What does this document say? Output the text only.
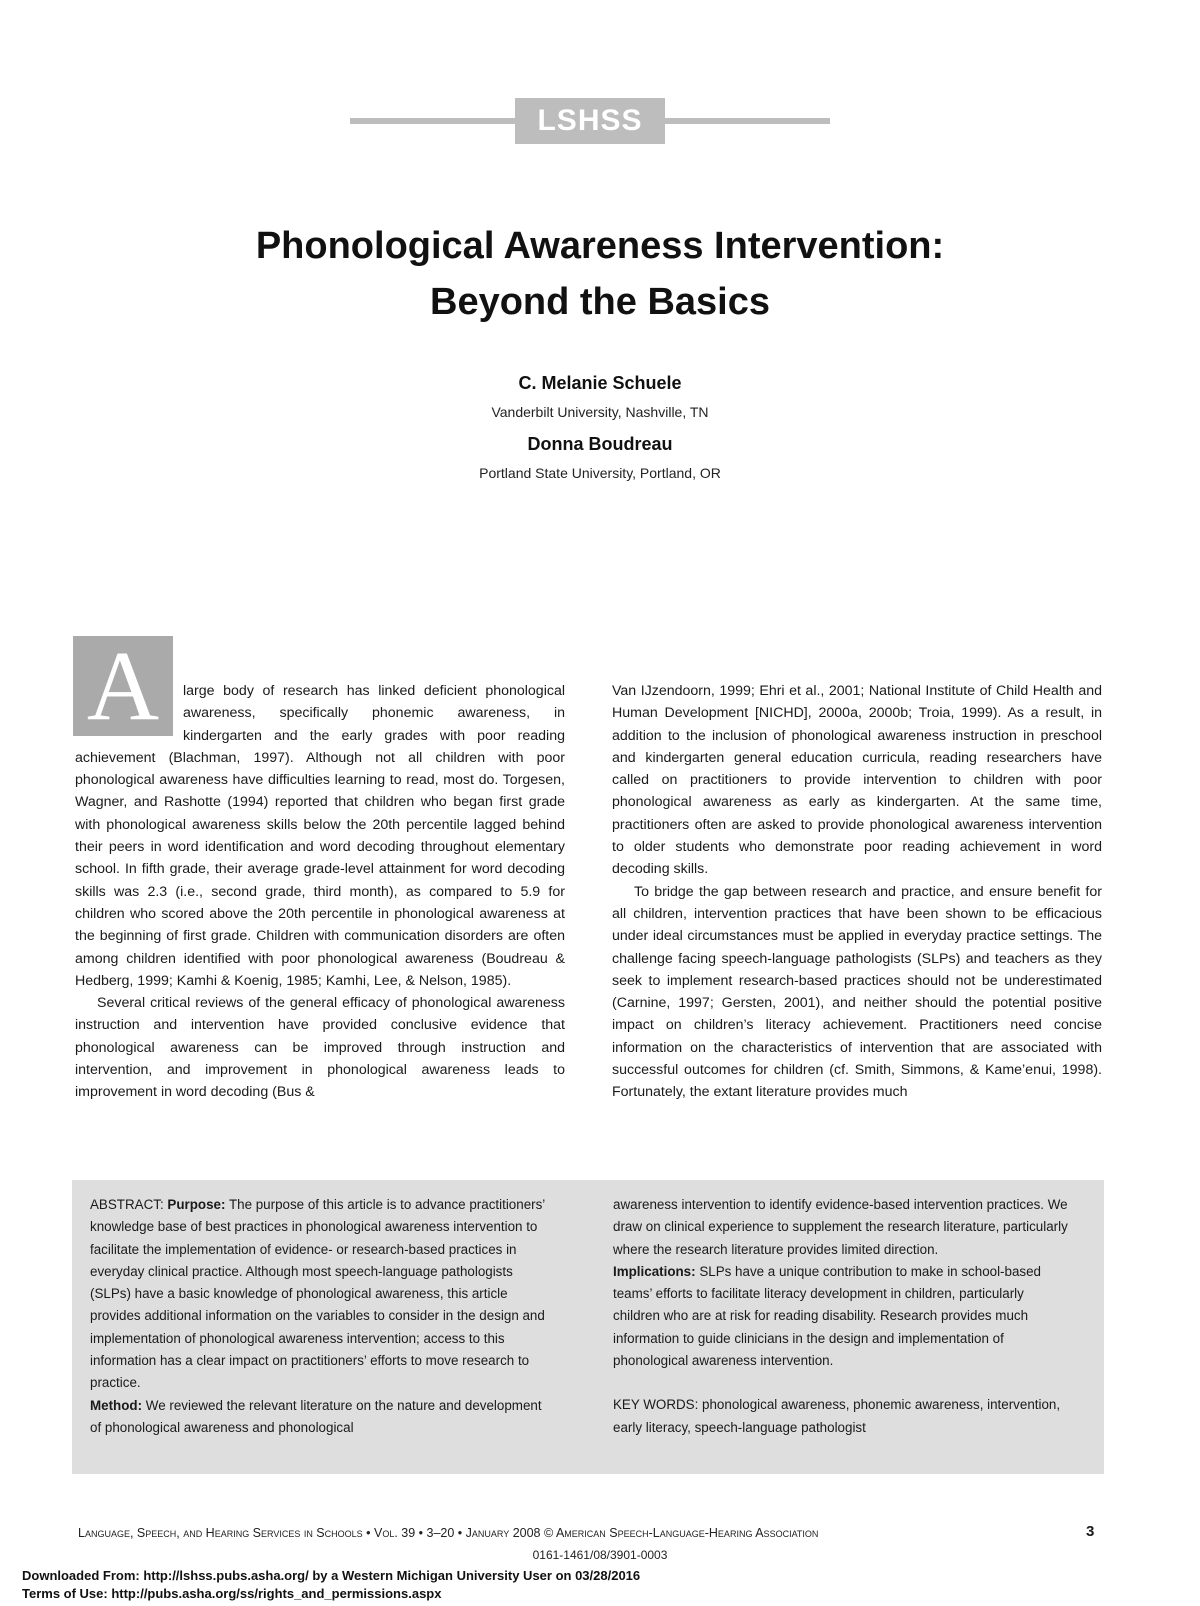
LSHSS
Phonological Awareness Intervention:
Beyond the Basics
C. Melanie Schuele
Vanderbilt University, Nashville, TN
Donna Boudreau
Portland State University, Portland, OR

A	large body of research has linked deficient phonological awareness, specifically phonemic awareness, in kindergarten and the early grades with poor reading achievement (Blachman, 1997). Although not all children with poor phonological awareness have difficulties learning to read, most do. Torgesen, Wagner, and Rashotte (1994) reported that children who began first grade with phonological awareness skills below the 20th percentile lagged behind their peers in word identification and word decoding throughout elementary school. In fifth grade, their average grade-level attainment for word decoding skills was 2.3 (i.e., second grade, third month), as compared to 5.9 for children who scored above the 20th percentile in phonological awareness at the beginning of first grade. Children with communication disorders are often among children identified with poor phonological awareness (Boudreau & Hedberg, 1999; Kamhi & Koenig, 1985; Kamhi, Lee, & Nelson, 1985).

Several critical reviews of the general efficacy of phonological awareness instruction and intervention have provided conclusive evidence that phonological awareness can be improved through instruction and intervention, and improvement in phonological awareness leads to improvement in word decoding (Bus &

Van IJzendoorn, 1999; Ehri et al., 2001; National Institute of Child Health and Human Development [NICHD], 2000a, 2000b; Troia, 1999). As a result, in addition to the inclusion of phonological awareness instruction in preschool and kindergarten general education curricula, reading researchers have called on practitioners to provide intervention to children with poor phonological awareness as early as kindergarten. At the same time, practitioners often are asked to provide phonological awareness intervention to older students who demonstrate poor reading achievement in word decoding skills.

To bridge the gap between research and practice, and ensure benefit for all children, intervention practices that have been shown to be efficacious under ideal circumstances must be applied in everyday practice settings. The challenge facing speech-language pathologists (SLPs) and teachers as they seek to implement research-based practices should not be underestimated (Carnine, 1997; Gersten, 2001), and neither should the potential positive impact on children’s literacy achievement. Practitioners need concise information on the characteristics of intervention that are associated with successful outcomes for children (cf. Smith, Simmons, & Kame’enui, 1998). Fortunately, the extant literature provides much

ABSTRACT: Purpose: The purpose of this article is to advance practitioners’ knowledge base of best practices in phonological awareness intervention to facilitate the implementation of evidence- or research-based practices in everyday clinical practice. Although most speech-language pathologists (SLPs) have a basic knowledge of phonological awareness, this article provides additional information on the variables to consider in the design and implementation of phonological awareness intervention; access to this information has a clear impact on practitioners’ efforts to move research to practice.

Method: We reviewed the relevant literature on the nature and development of phonological awareness and phonological

awareness intervention to identify evidence-based intervention practices. We draw on clinical experience to supplement the research literature, particularly where the research literature provides limited direction.

Implications: SLPs have a unique contribution to make in school-based teams’ efforts to facilitate literacy development in children, particularly children who are at risk for reading disability. Research provides much information to guide clinicians in the design and implementation of phonological awareness intervention.

KEY WORDS: phonological awareness, phonemic awareness, intervention, early literacy, speech-language pathologist

Language, Speech, and Hearing Services in Schools • Vol. 39 • 3–20 • January 2008 © American Speech-Language-Hearing Association	3
0161-1461/08/3901-0003
Downloaded From: http://lshss.pubs.asha.org/ by a Western Michigan University User on 03/28/2016
Terms of Use: http://pubs.asha.org/ss/rights_and_permissions.aspx
